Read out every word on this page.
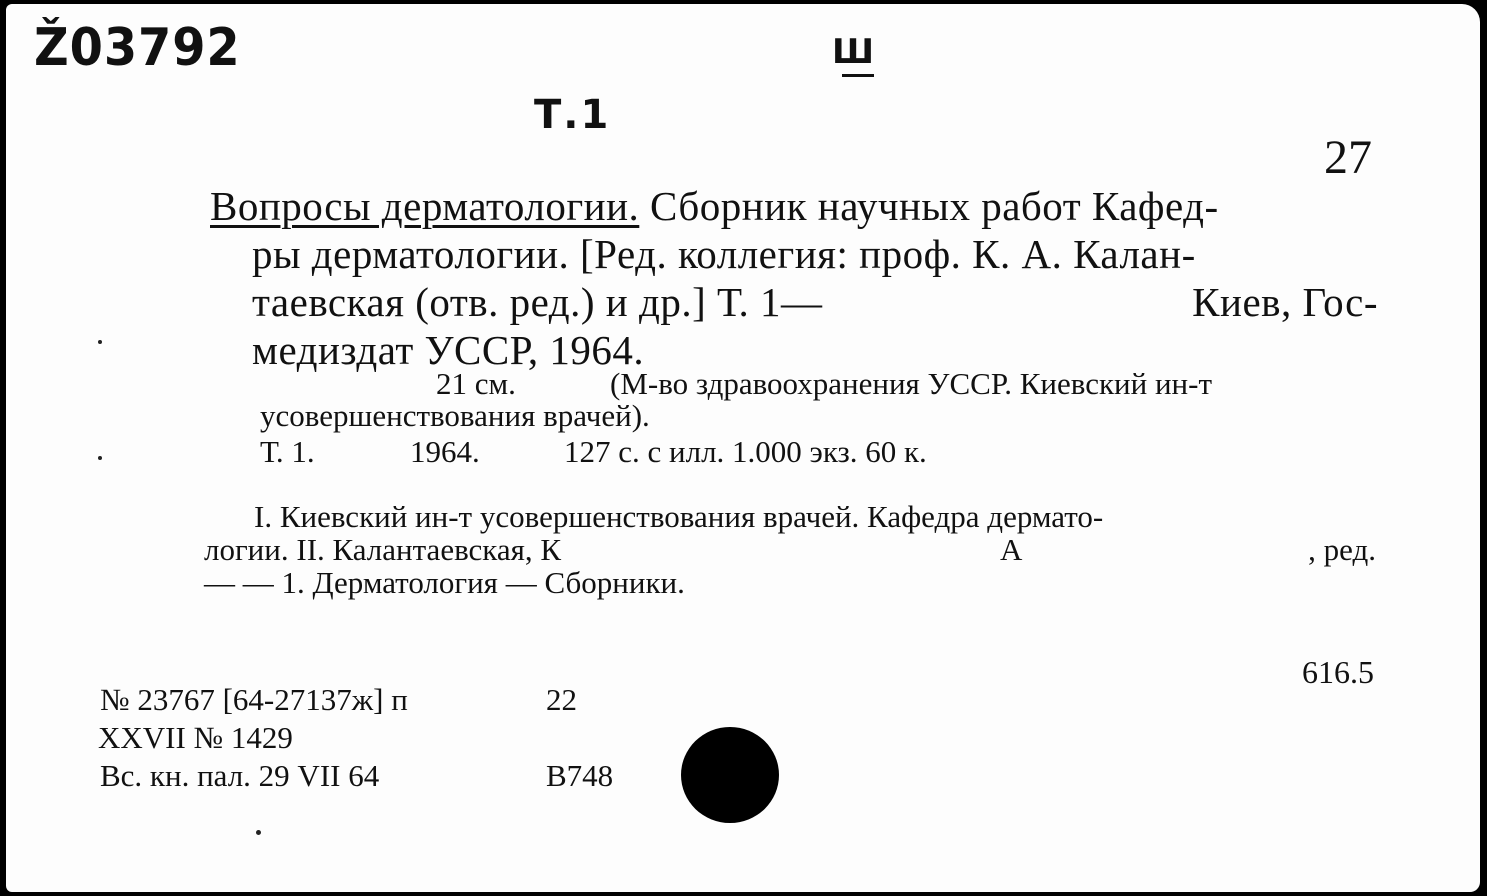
Ž03792
Т.1
Ш
27
Вопросы дерматологии. Сборник научных работ Кафед-
ры дерматологии. [Ред. коллегия: проф. К. А. Калан-
таевская (отв. ред.) и др.] Т. 1—	Киев, Гос-
медиздат УССР, 1964.
21 см.	(М-во здравоохранения УССР. Киевский ин-т
усовершенствования врачей).
Т. 1.	1964.	127 с. с илл. 1.000 экз. 60 к.
I. Киевский ин-т усовершенствования врачей. Кафедра дермато-
логии. II. Калантаевская, К	А	, ред.
— — 1. Дерматология — Сборники.
616.5
№ 23767 [64-27137ж] п	22
XXVII № 1429
Вс. кн. пал. 29 VII 64	В748
